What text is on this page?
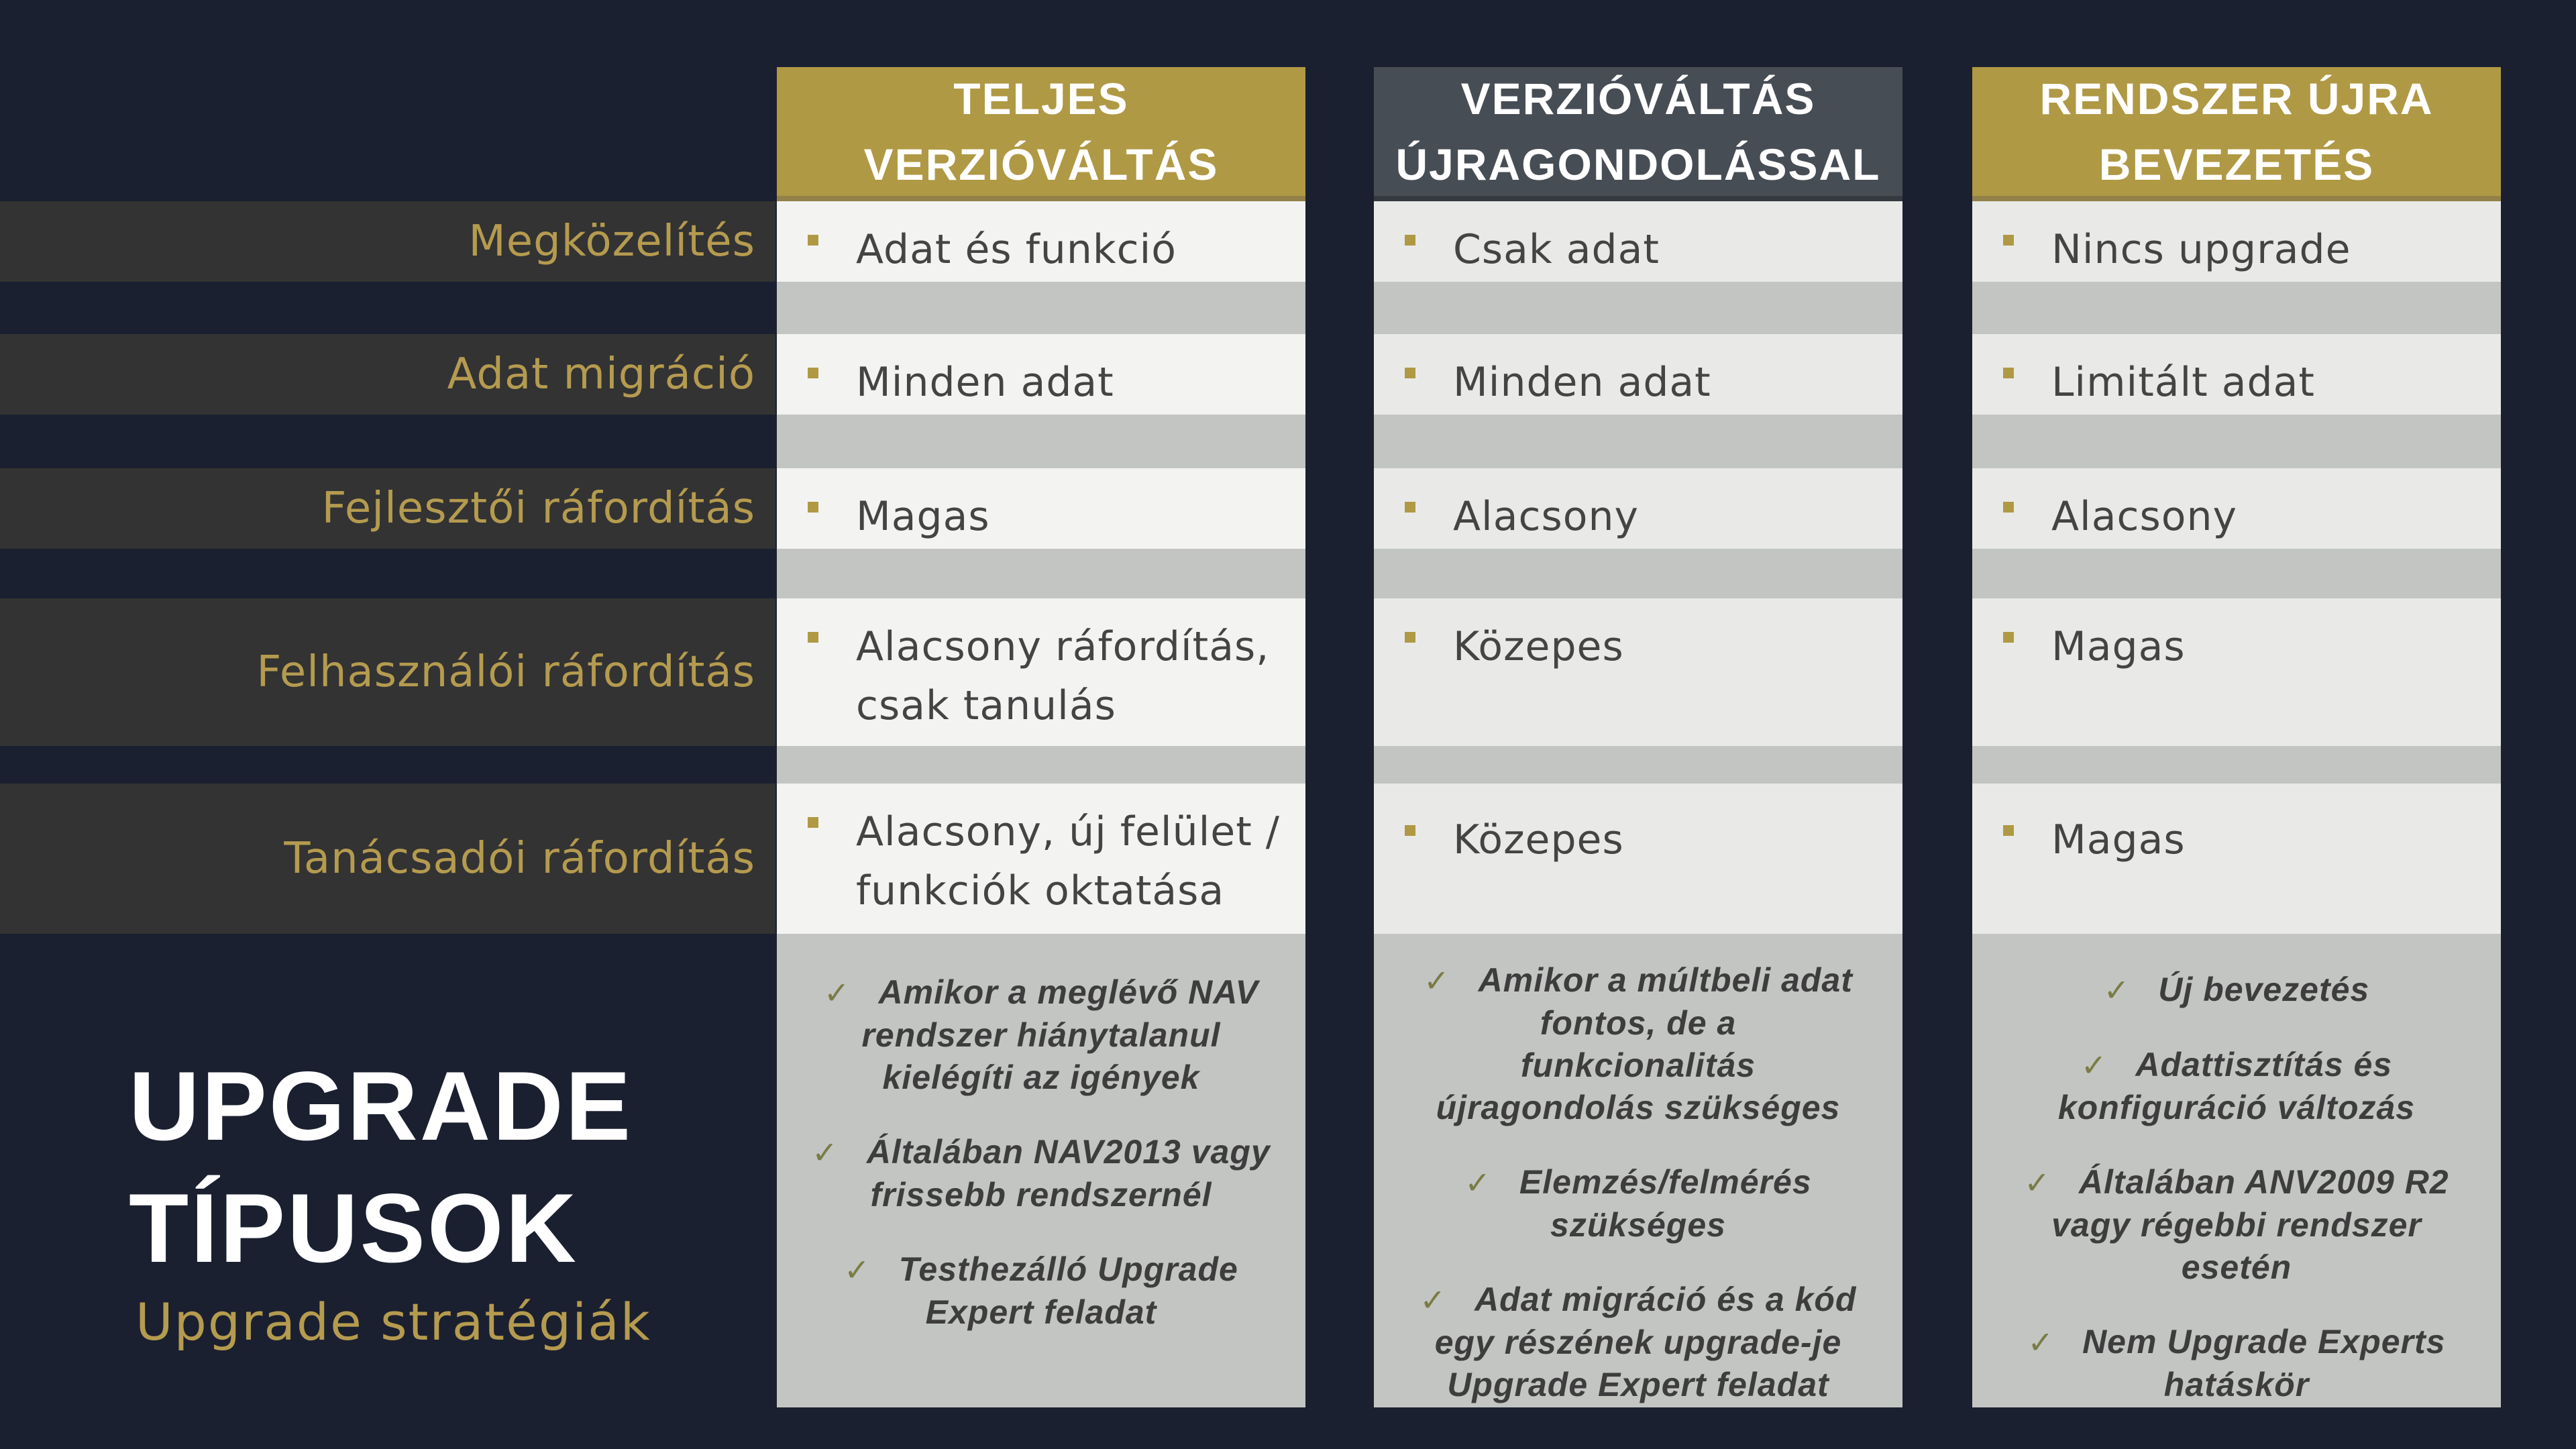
Megközelítés
Adat migráció
Fejlesztői ráfordítás
Felhasználói ráfordítás
Tanácsadói ráfordítás
TELJES
VERZIÓVÁLTÁS
Adat és funkció
Minden adat
Magas
Alacsony ráfordítás,
csak tanulás
Alacsony, új felület /
funkciók oktatása
✓ Amikor a meglévő NAV
rendszer hiánytalanul
kielégíti az igények
✓ Általában NAV2013 vagy
frissebb rendszernél
✓ Testhezálló Upgrade
Expert feladat
VERZIÓVÁLTÁS
ÚJRAGONDOLÁSSAL
Csak adat
Minden adat
Alacsony
Közepes
Közepes
✓ Amikor a múltbeli adat
fontos, de a
funkcionalitás
újragondolás szükséges
✓ Elemzés/felmérés
szükséges
✓ Adat migráció és a kód
egy részének upgrade-je
Upgrade Expert feladat
RENDSZER ÚJRA
BEVEZETÉS
Nincs upgrade
Limitált adat
Alacsony
Magas
Magas
✓ Új bevezetés
✓ Adattisztítás és
konfiguráció változás
✓ Általában ANV2009 R2
vagy régebbi rendszer
esetén
✓ Nem Upgrade Experts
hatáskör
UPGRADE
TÍPUSOK
Upgrade stratégiák
